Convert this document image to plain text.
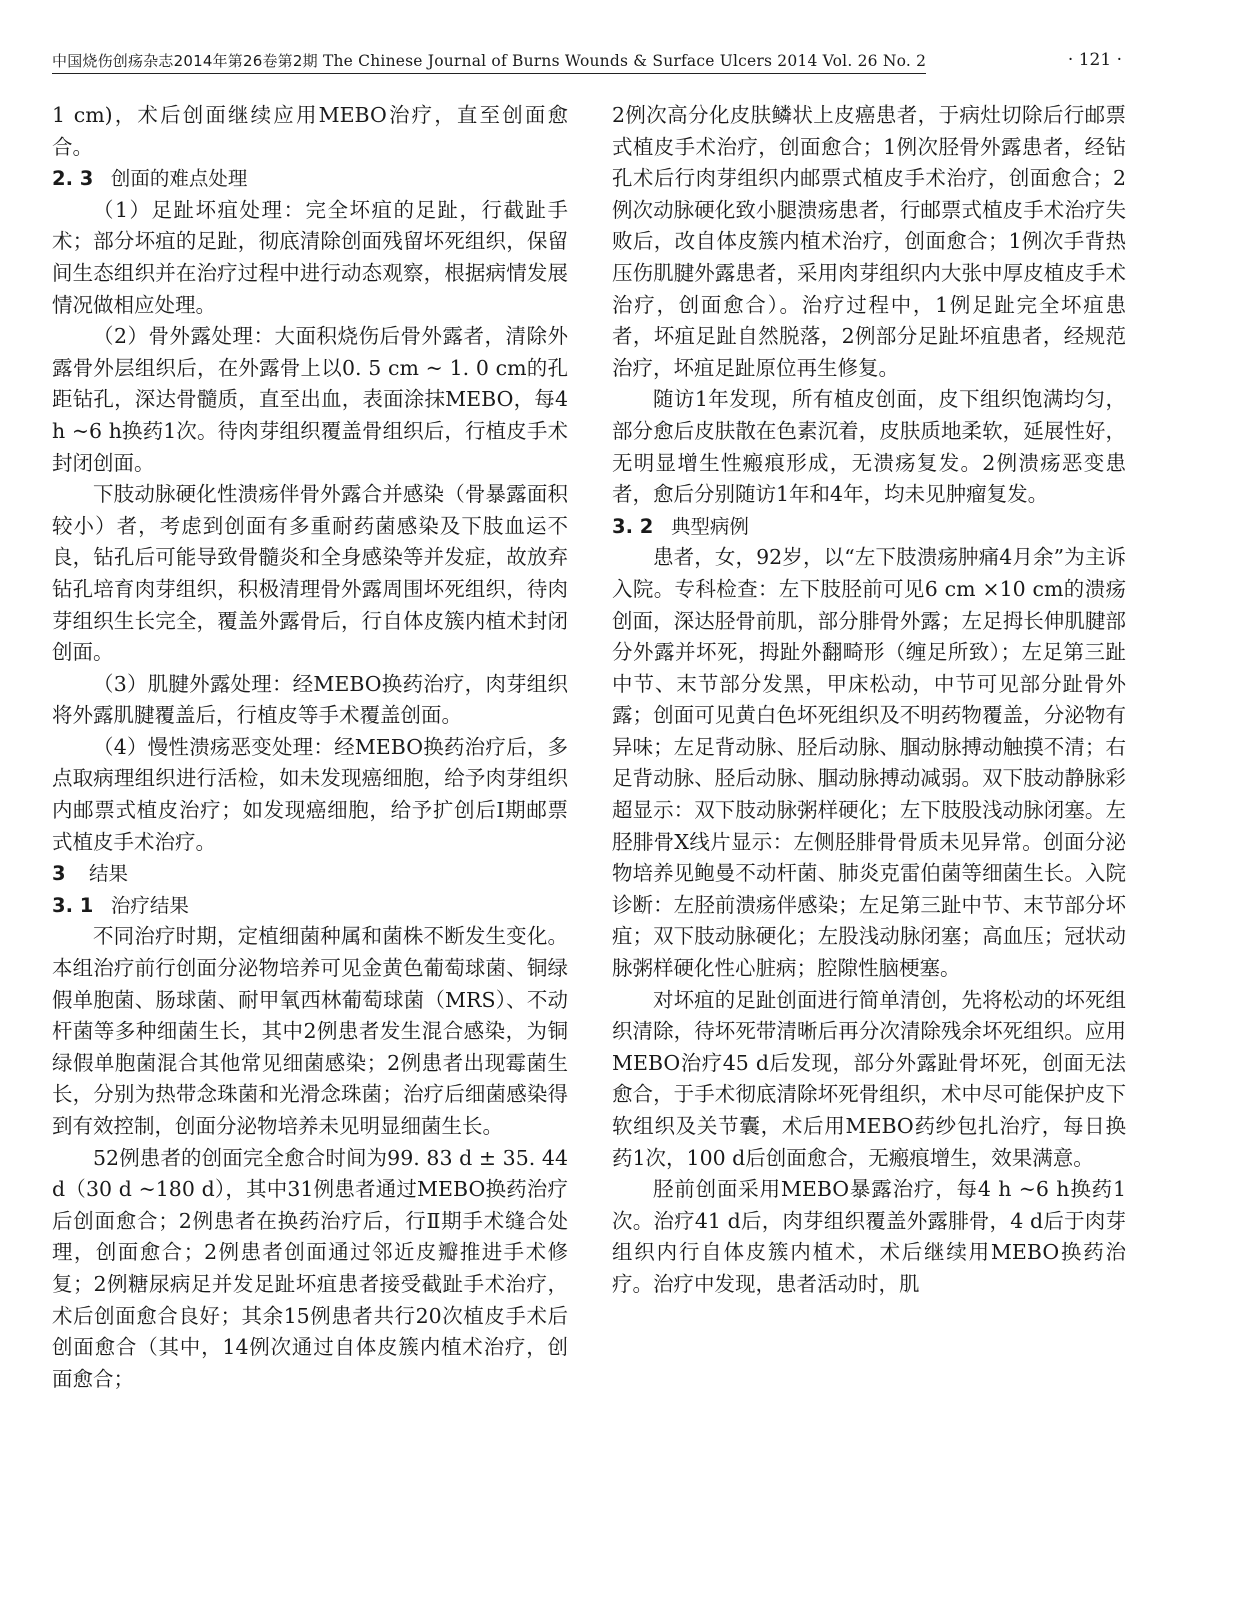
中国烧伤创疡杂志2014年第26卷第2期 The Chinese Journal of Burns Wounds & Surface Ulcers 2014 Vol. 26 No. 2	· 121 ·

1 cm)，术后创面继续应用MEBO治疗，直至创面愈合。

2. 3 创面的难点处理

（1）足趾坏疽处理：完全坏疽的足趾，行截趾手术；部分坏疽的足趾，彻底清除创面残留坏死组织，保留间生态组织并在治疗过程中进行动态观察，根据病情发展情况做相应处理。

（2）骨外露处理：大面积烧伤后骨外露者，清除外露骨外层组织后，在外露骨上以0. 5 cm ~ 1. 0 cm的孔距钻孔，深达骨髓质，直至出血，表面涂抹MEBO，每4 h ~6 h换药1次。待肉芽组织覆盖骨组织后，行植皮手术封闭创面。

下肢动脉硬化性溃疡伴骨外露合并感染（骨暴露面积较小）者，考虑到创面有多重耐药菌感染及下肢血运不良，钻孔后可能导致骨髓炎和全身感染等并发症，故放弃钻孔培育肉芽组织，积极清理骨外露周围坏死组织，待肉芽组织生长完全，覆盖外露骨后，行自体皮簇内植术封闭创面。

（3）肌腱外露处理：经MEBO换药治疗，肉芽组织将外露肌腱覆盖后，行植皮等手术覆盖创面。

（4）慢性溃疡恶变处理：经MEBO换药治疗后，多点取病理组织进行活检，如未发现癌细胞，给予肉芽组织内邮票式植皮治疗；如发现癌细胞，给予扩创后Ⅰ期邮票式植皮手术治疗。

3 结果
3. 1 治疗结果

不同治疗时期，定植细菌种属和菌株不断发生变化。本组治疗前行创面分泌物培养可见金黄色葡萄球菌、铜绿假单胞菌、肠球菌、耐甲氧西林葡萄球菌（MRS）、不动杆菌等多种细菌生长，其中2例患者发生混合感染，为铜绿假单胞菌混合其他常见细菌感染；2例患者出现霉菌生长，分别为热带念珠菌和光滑念珠菌；治疗后细菌感染得到有效控制，创面分泌物培养未见明显细菌生长。

52例患者的创面完全愈合时间为99. 83 d ± 35. 44 d（30 d ~180 d），其中31例患者通过MEBO换药治疗后创面愈合；2例患者在换药治疗后，行Ⅱ期手术缝合处理，创面愈合；2例患者创面通过邻近皮瓣推进手术修复；2例糖尿病足并发足趾坏疽患者接受截趾手术治疗，术后创面愈合良好；其余15例患者共行20次植皮手术后创面愈合（其中，14例次通过自体皮簇内植术治疗，创面愈合；

2例次高分化皮肤鳞状上皮癌患者，于病灶切除后行邮票式植皮手术治疗，创面愈合；1例次胫骨外露患者，经钻孔术后行肉芽组织内邮票式植皮手术治疗，创面愈合；2例次动脉硬化致小腿溃疡患者，行邮票式植皮手术治疗失败后，改自体皮簇内植术治疗，创面愈合；1例次手背热压伤肌腱外露患者，采用肉芽组织内大张中厚皮植皮手术治疗，创面愈合）。治疗过程中，1例足趾完全坏疽患者，坏疽足趾自然脱落，2例部分足趾坏疽患者，经规范治疗，坏疽足趾原位再生修复。

随访1年发现，所有植皮创面，皮下组织饱满均匀，部分愈后皮肤散在色素沉着，皮肤质地柔软，延展性好，无明显增生性瘢痕形成，无溃疡复发。2例溃疡恶变患者，愈后分别随访1年和4年，均未见肿瘤复发。

3. 2 典型病例

患者，女，92岁，以“左下肢溃疡肿痛4月余”为主诉入院。专科检查：左下肢胫前可见6 cm ×10 cm的溃疡创面，深达胫骨前肌，部分腓骨外露；左足拇长伸肌腱部分外露并坏死，拇趾外翻畸形（缠足所致）；左足第三趾中节、末节部分发黑，甲床松动，中节可见部分趾骨外露；创面可见黄白色坏死组织及不明药物覆盖，分泌物有异味；左足背动脉、胫后动脉、腘动脉搏动触摸不清；右足背动脉、胫后动脉、腘动脉搏动减弱。双下肢动静脉彩超显示：双下肢动脉粥样硬化；左下肢股浅动脉闭塞。左胫腓骨X线片显示：左侧胫腓骨骨质未见异常。创面分泌物培养见鲍曼不动杆菌、肺炎克雷伯菌等细菌生长。入院诊断：左胫前溃疡伴感染；左足第三趾中节、末节部分坏疽；双下肢动脉硬化；左股浅动脉闭塞；高血压；冠状动脉粥样硬化性心脏病；腔隙性脑梗塞。

对坏疽的足趾创面进行简单清创，先将松动的坏死组织清除，待坏死带清晰后再分次清除残余坏死组织。应用MEBO治疗45 d后发现，部分外露趾骨坏死，创面无法愈合，于手术彻底清除坏死骨组织，术中尽可能保护皮下软组织及关节囊，术后用MEBO药纱包扎治疗，每日换药1次，100 d后创面愈合，无瘢痕增生，效果满意。

胫前创面采用MEBO暴露治疗，每4 h ~6 h换药1次。治疗41 d后，肉芽组织覆盖外露腓骨，4 d后于肉芽组织内行自体皮簇内植术，术后继续用MEBO换药治疗。治疗中发现，患者活动时，肌
